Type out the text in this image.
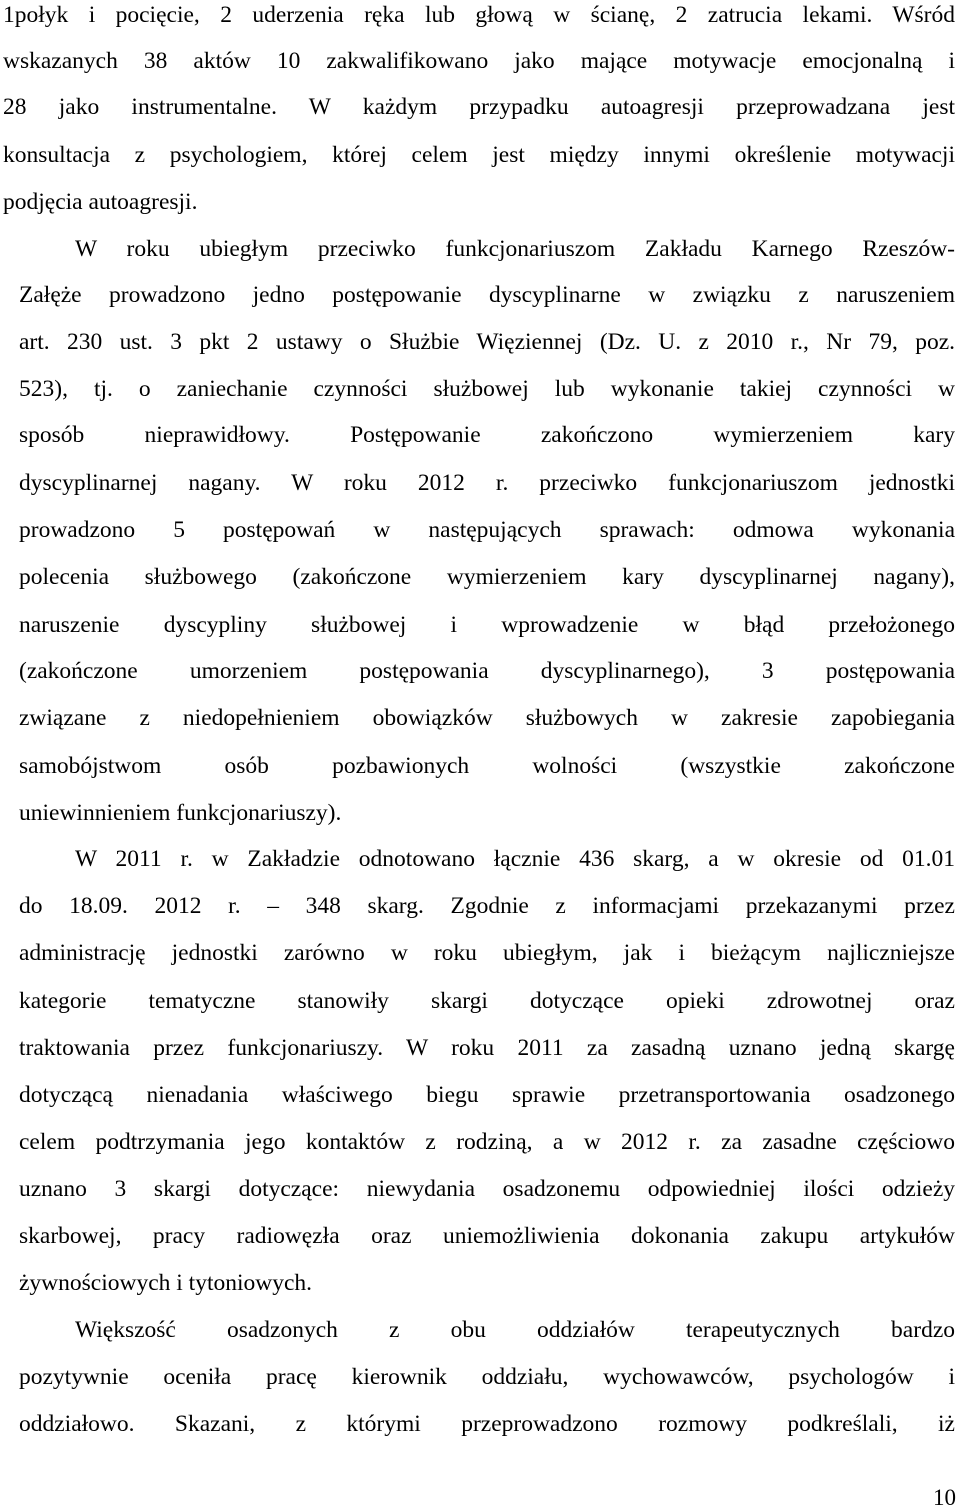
1połyk i pocięcie, 2 uderzenia ręka lub głową w ścianę, 2 zatrucia lekami. Wśród
wskazanych 38 aktów 10 zakwalifikowano jako mające motywacje emocjonalną i
28 jako instrumentalne. W każdym przypadku autoagresji przeprowadzana jest
konsultacja z psychologiem, której celem jest między innymi określenie motywacji
podjęcia autoagresji.
W roku ubiegłym przeciwko funkcjonariuszom Zakładu Karnego Rzeszów-
Załęże prowadzono jedno postępowanie dyscyplinarne w związku z naruszeniem
art. 230 ust. 3 pkt 2 ustawy o Służbie Więziennej (Dz. U. z 2010 r., Nr 79, poz.
523), tj. o zaniechanie czynności służbowej lub wykonanie takiej czynności w
sposób nieprawidłowy. Postępowanie zakończono wymierzeniem kary
dyscyplinarnej nagany. W roku 2012 r. przeciwko funkcjonariuszom jednostki
prowadzono 5 postępowań w następujących sprawach: odmowa wykonania
polecenia służbowego (zakończone wymierzeniem kary dyscyplinarnej nagany),
naruszenie dyscypliny służbowej i wprowadzenie w błąd przełożonego
(zakończone umorzeniem postępowania dyscyplinarnego), 3 postępowania
związane z niedopełnieniem obowiązków służbowych w zakresie zapobiegania
samobójstwom osób pozbawionych wolności (wszystkie zakończone
uniewinnieniem funkcjonariuszy).
W 2011 r. w Zakładzie odnotowano łącznie 436 skarg, a w okresie od 01.01
do 18.09. 2012 r. – 348 skarg. Zgodnie z informacjami przekazanymi przez
administrację jednostki zarówno w roku ubiegłym, jak i bieżącym najliczniejsze
kategorie tematyczne stanowiły skargi dotyczące opieki zdrowotnej oraz
traktowania przez funkcjonariuszy. W roku 2011 za zasadną uznano jedną skargę
dotyczącą nienadania właściwego biegu sprawie przetransportowania osadzonego
celem podtrzymania jego kontaktów z rodziną, a w 2012 r. za zasadne częściowo
uznano 3 skargi dotyczące: niewydania osadzonemu odpowiedniej ilości odzieży
skarbowej, pracy radiowęzła oraz uniemożliwienia dokonania zakupu artykułów
żywnościowych i tytoniowych.
Większość osadzonych z obu oddziałów terapeutycznych bardzo
pozytywnie oceniła pracę kierownik oddziału, wychowawców, psychologów i
oddziałowo. Skazani, z którymi przeprowadzono rozmowy podkreślali, iż
10
